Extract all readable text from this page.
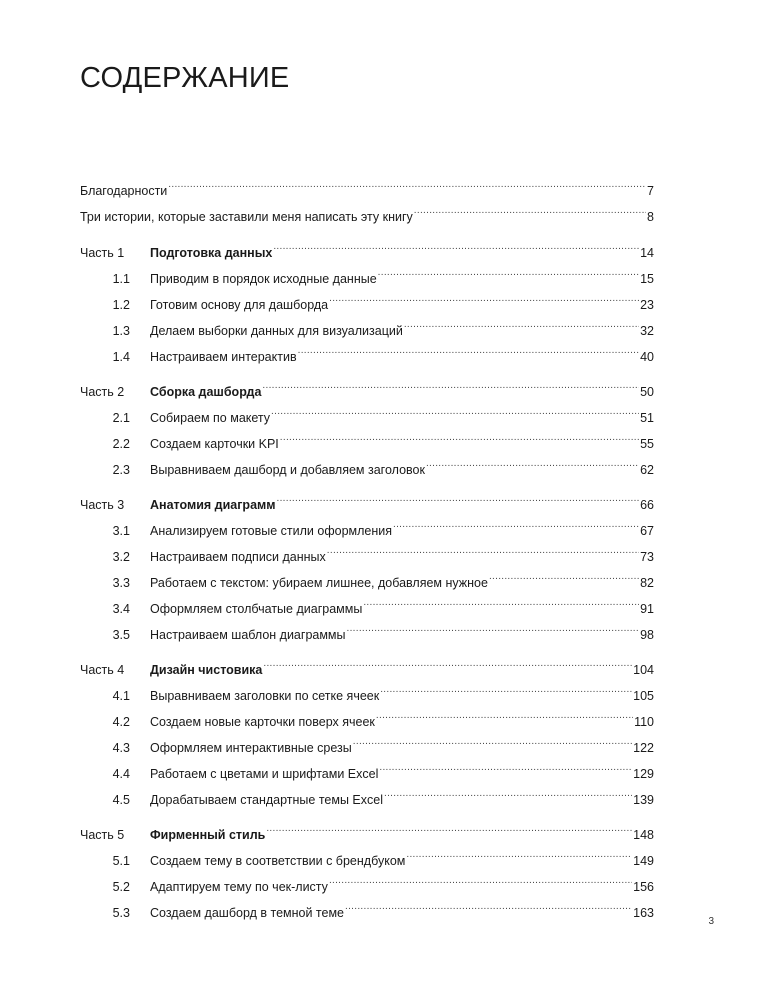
СОДЕРЖАНИЕ
Благодарности .....	7
Три истории, которые заставили меня написать эту книгу .....	8
Часть 1	Подготовка данных .....	14
1.1 Приводим в порядок исходные данные .....	15
1.2 Готовим основу для дашборда .....	23
1.3 Делаем выборки данных для визуализаций .....	32
1.4 Настраиваем интерактив .....	40
Часть 2	Сборка дашборда .....	50
2.1 Собираем по макету .....	51
2.2 Создаем карточки KPI .....	55
2.3 Выравниваем дашборд и добавляем заголовок .....	62
Часть 3	Анатомия диаграмм .....	66
3.1 Анализируем готовые стили оформления .....	67
3.2 Настраиваем подписи данных .....	73
3.3 Работаем с текстом: убираем лишнее, добавляем нужное .....	82
3.4 Оформляем столбчатые диаграммы .....	91
3.5 Настраиваем шаблон диаграммы .....	98
Часть 4	Дизайн чистовика .....	104
4.1 Выравниваем заголовки по сетке ячеек .....	105
4.2 Создаем новые карточки поверх ячеек .....	110
4.3 Оформляем интерактивные срезы .....	122
4.4 Работаем с цветами и шрифтами Excel .....	129
4.5 Дорабатываем стандартные темы Excel .....	139
Часть 5	Фирменный стиль .....	148
5.1 Создаем тему в соответствии с брендбуком .....	149
5.2 Адаптируем тему по чек-листу .....	156
5.3 Создаем дашборд в темной теме .....	163
3
